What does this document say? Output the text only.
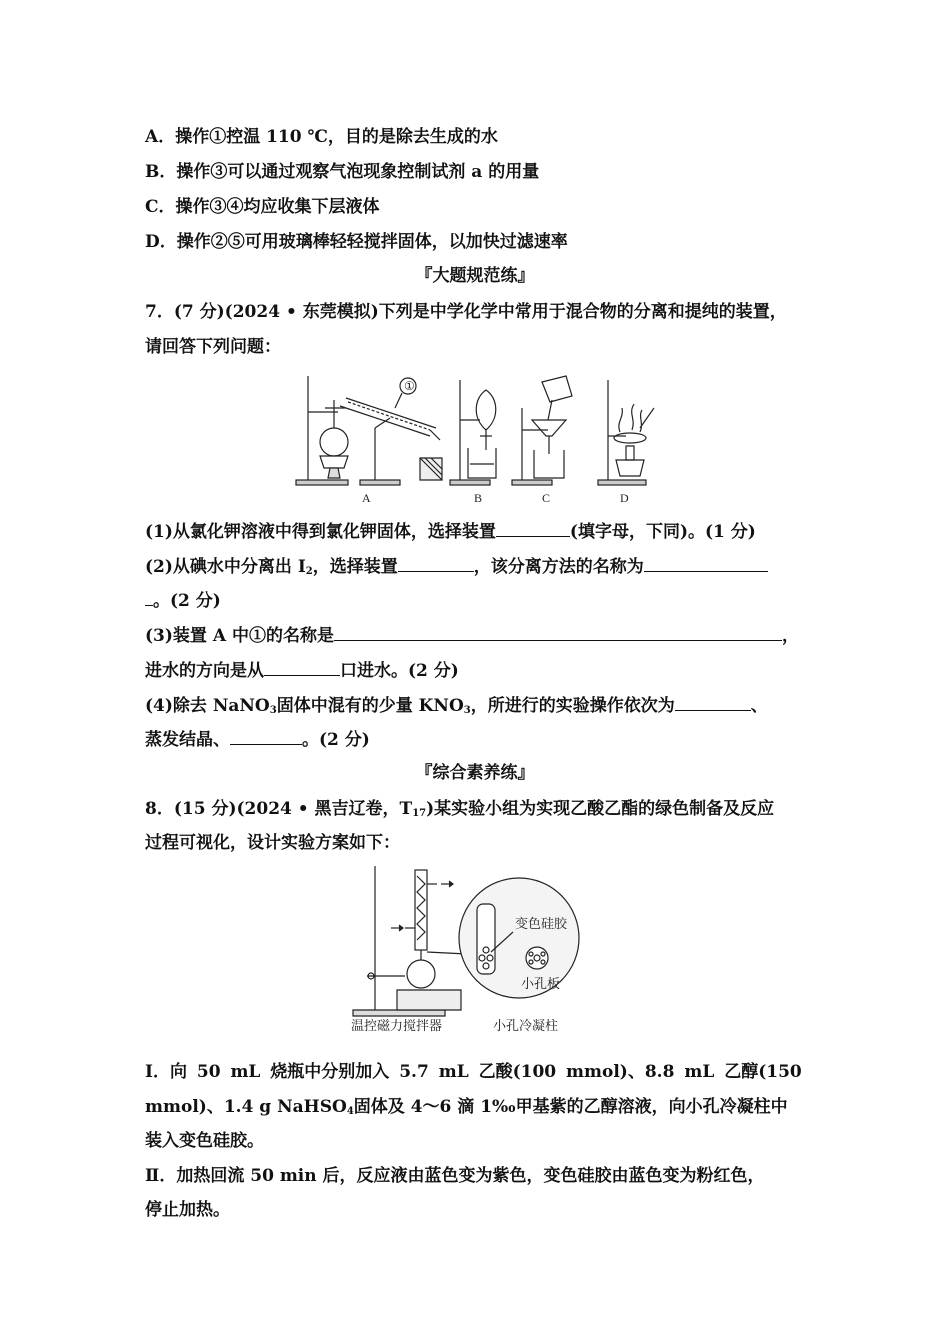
A．操作①控温 110 ℃，目的是除去生成的水
B．操作③可以通过观察气泡现象控制试剂 a 的用量
C．操作③④均应收集下层液体
D．操作②⑤可用玻璃棒轻轻搅拌固体，以加快过滤速率
『大题规范练』
7．(7 分)(2024 • 东莞模拟)下列是中学化学中常用于混合物的分离和提纯的装置，
请回答下列问题：
A	B	C	D
①
(1)从氯化钾溶液中得到氯化钾固体，选择装置	(填字母，下同)。(1 分)
(2)从碘水中分离出 $I_2$，选择装置	，该分离方法的名称为
。(2 分)
(3)装置 A 中①的名称是	，
进水的方向是从	口进水。(2 分)
(4)除去 NaNO$_3$固体中混有的少量 $KNO_3$，所进行的实验操作依次为	、
蒸发结晶、	。(2 分)
『综合素养练』
8．(15 分)(2024 • 黑吉辽卷，$T_{17}$)某实验小组为实现乙酸乙酯的绿色制备及反应
过程可视化，设计实验方案如下：
变色硅胶
小孔板
温控磁力搅拌器	小孔冷凝柱
Ⅰ．向 50 mL 烧瓶中分别加入 5.7 mL 乙酸(100 mmol)、8.8 mL 乙醇(150
mmol)、1.4 g NaHSO$_4$固体及 4～6 滴 1‰甲基紫的乙醇溶液，向小孔冷凝柱中
装入变色硅胶。
Ⅱ．加热回流 50 min 后，反应液由蓝色变为紫色，变色硅胶由蓝色变为粉红色，
停止加热。
